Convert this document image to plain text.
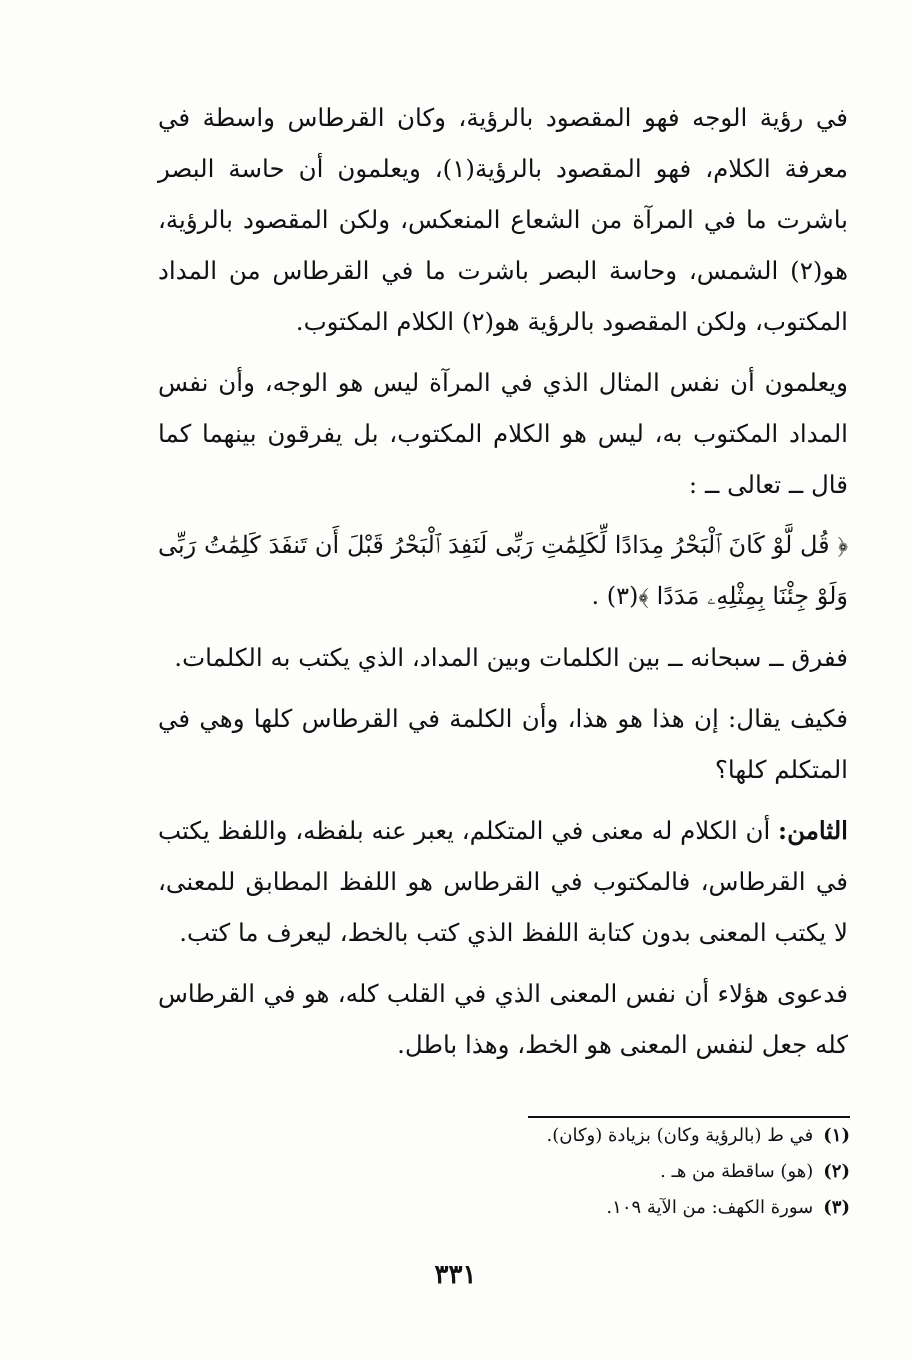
في رؤية الوجه فهو المقصود بالرؤية، وكان القرطاس واسطة في معرفة الكلام، فهو المقصود بالرؤية(١)، ويعلمون أن حاسة البصر باشرت ما في المرآة من الشعاع المنعكس، ولكن المقصود بالرؤية، هو(٢) الشمس، وحاسة البصر باشرت ما في القرطاس من المداد المكتوب، ولكن المقصود بالرؤية هو(٢) الكلام المكتوب.

ويعلمون أن نفس المثال الذي في المرآة ليس هو الوجه، وأن نفس المداد المكتوب به، ليس هو الكلام المكتوب، بل يفرقون بينهما كما قال ــ تعالى ــ :

﴿ قُل لَّوْ كَانَ ٱلْبَحْرُ مِدَادًا لِّكَلِمَٰتِ رَبِّى لَنَفِدَ ٱلْبَحْرُ قَبْلَ أَن تَنفَدَ كَلِمَٰتُ رَبِّى وَلَوْ جِئْنَا بِمِثْلِهِۦ مَدَدًا ﴾(٣) .

ففرق ــ سبحانه ــ بين الكلمات وبين المداد، الذي يكتب به الكلمات.

فكيف يقال: إن هذا هو هذا، وأن الكلمة في القرطاس كلها وهي في المتكلم كلها؟

الثامن: أن الكلام له معنى في المتكلم، يعبر عنه بلفظه، واللفظ يكتب في القرطاس، فالمكتوب في القرطاس هو اللفظ المطابق للمعنى، لا يكتب المعنى بدون كتابة اللفظ الذي كتب بالخط، ليعرف ما كتب.

فدعوى هؤلاء أن نفس المعنى الذي في القلب كله، هو في القرطاس كله جعل لنفس المعنى هو الخط، وهذا باطل.

(١)
في ط (بالرؤية وكان) بزيادة (وكان).
(٢)
(هو) ساقطة من هـ .
(٣)
سورة الكهف: من الآية ١٠٩.
٣٣١
